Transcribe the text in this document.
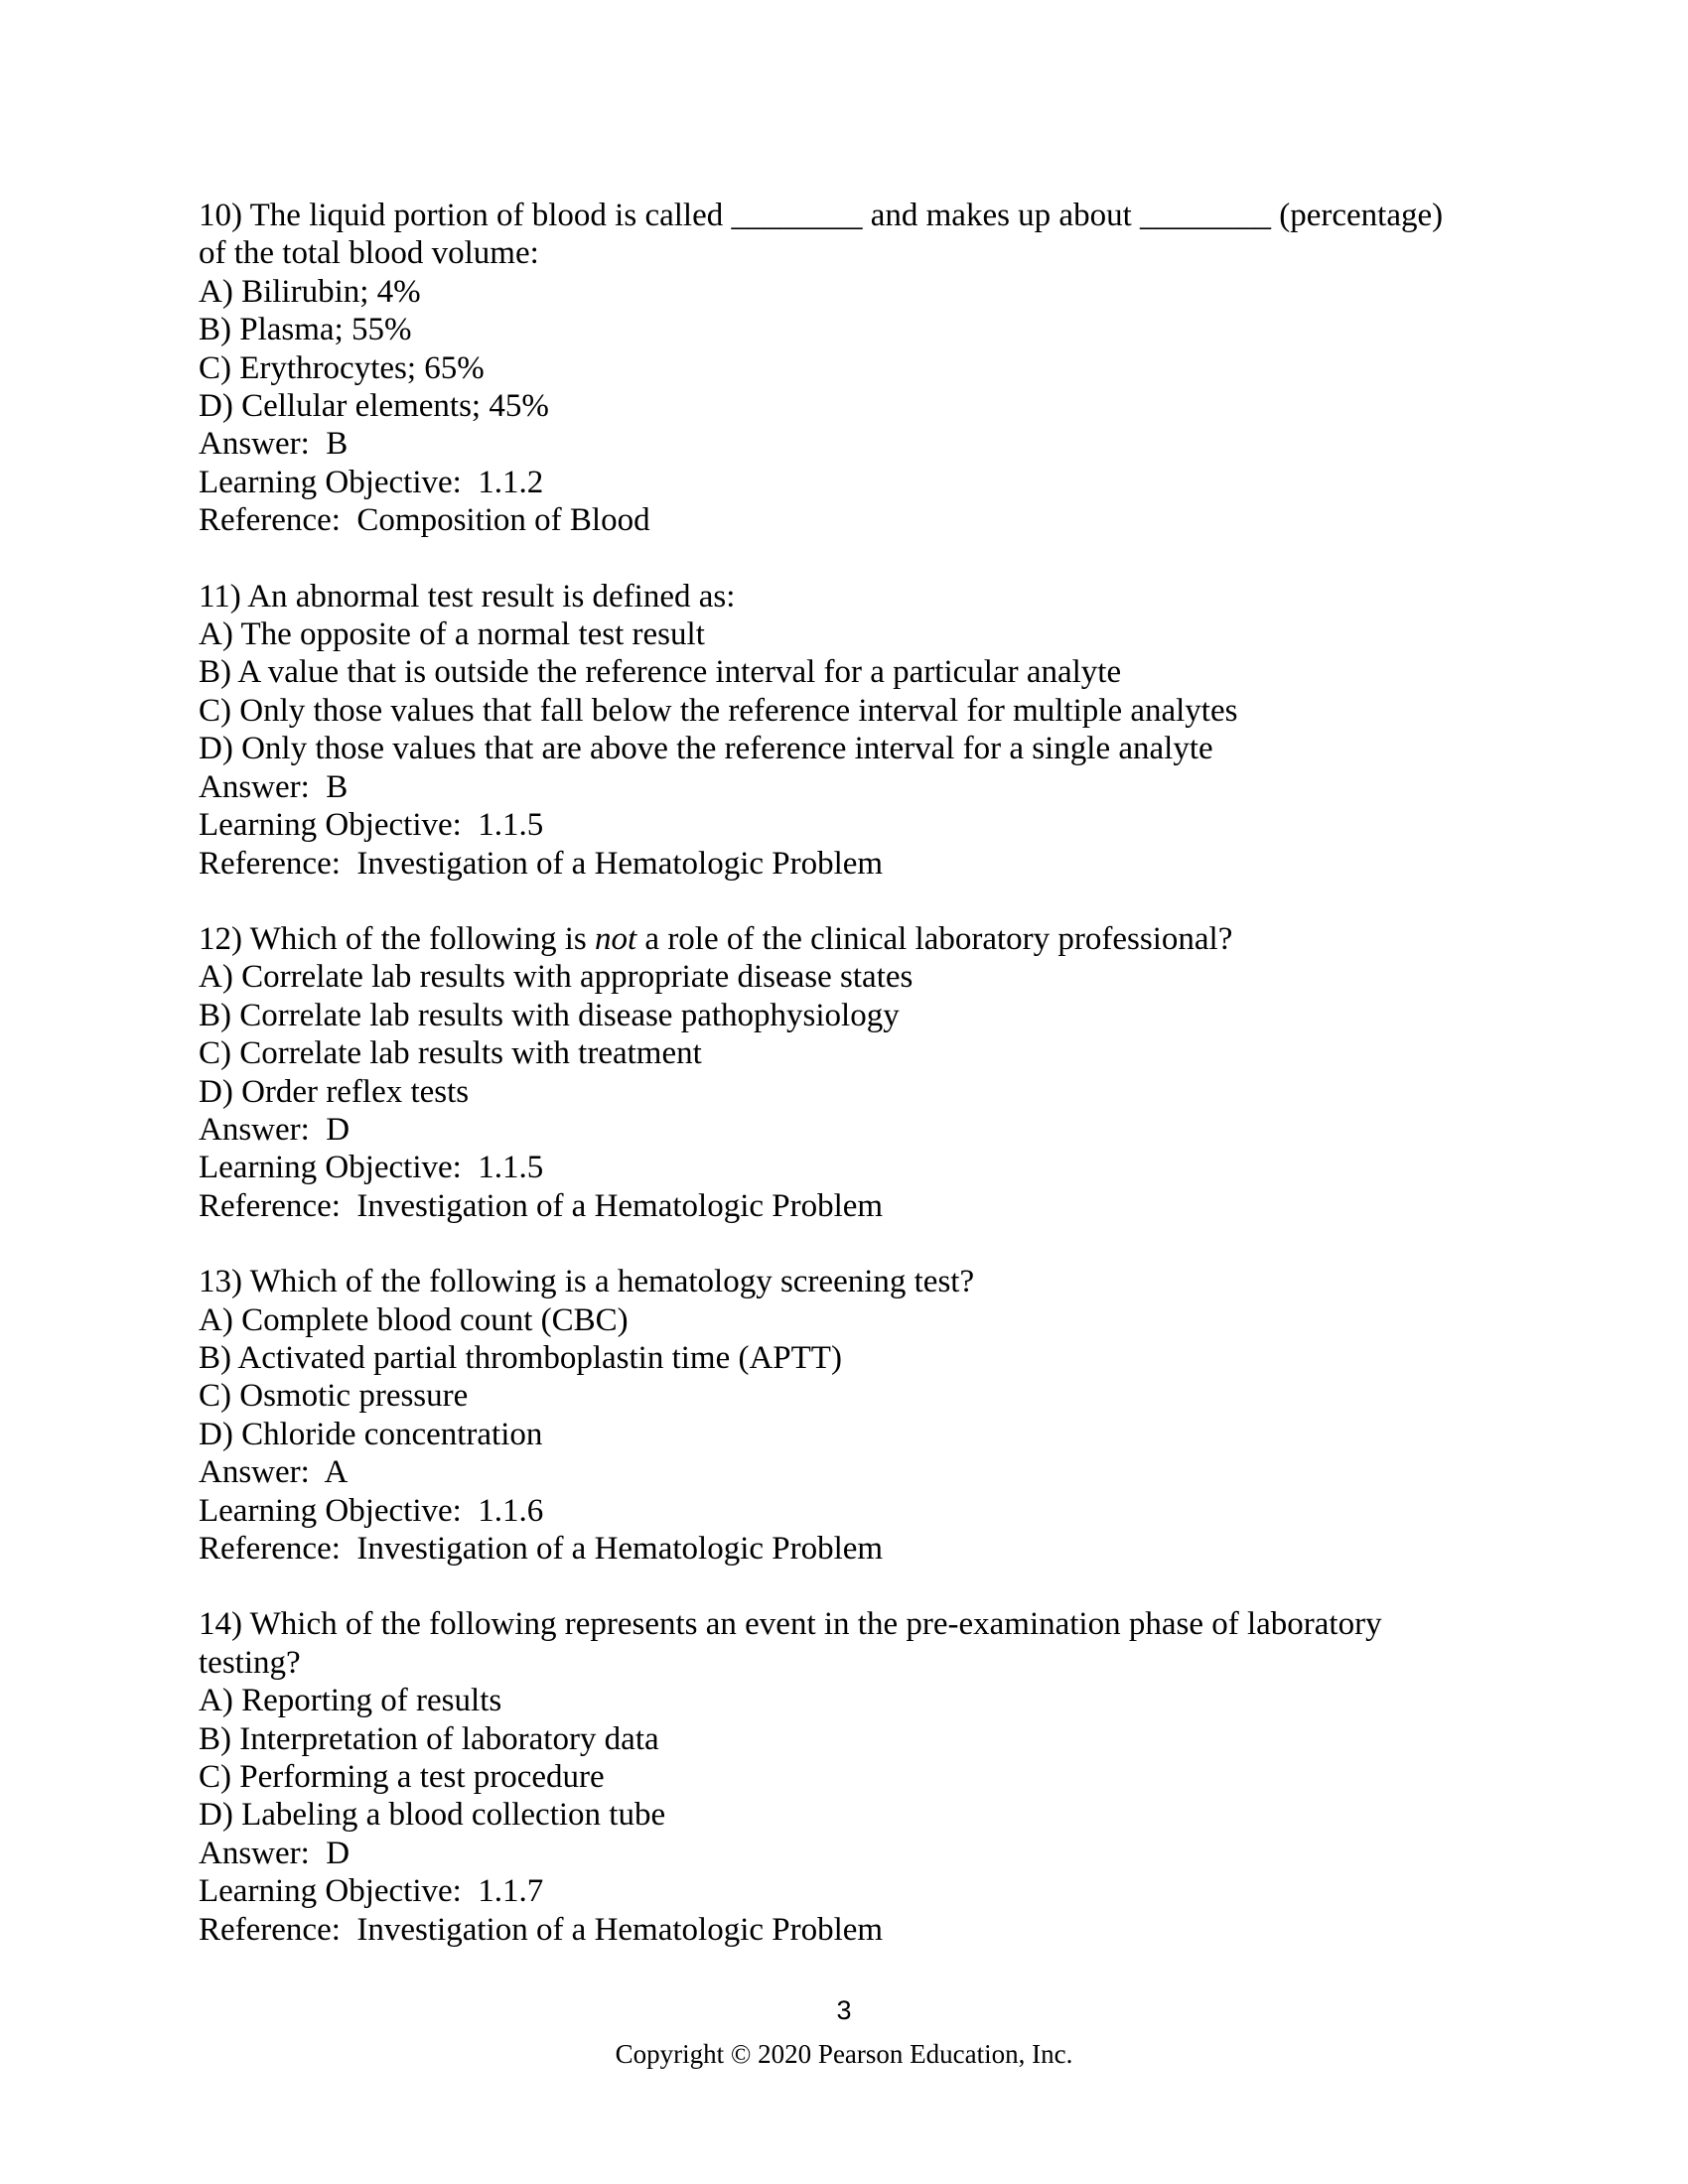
10) The liquid portion of blood is called ________ and makes up about ________ (percentage)
of the total blood volume:
A) Bilirubin; 4%
B) Plasma; 55%
C) Erythrocytes; 65%
D) Cellular elements; 45%
Answer:  B
Learning Objective:  1.1.2
Reference:  Composition of Blood
11) An abnormal test result is defined as:
A) The opposite of a normal test result
B) A value that is outside the reference interval for a particular analyte
C) Only those values that fall below the reference interval for multiple analytes
D) Only those values that are above the reference interval for a single analyte
Answer:  B
Learning Objective:  1.1.5
Reference:  Investigation of a Hematologic Problem
12) Which of the following is not a role of the clinical laboratory professional?
A) Correlate lab results with appropriate disease states
B) Correlate lab results with disease pathophysiology
C) Correlate lab results with treatment
D) Order reflex tests
Answer:  D
Learning Objective:  1.1.5
Reference:  Investigation of a Hematologic Problem
13) Which of the following is a hematology screening test?
A) Complete blood count (CBC)
B) Activated partial thromboplastin time (APTT)
C) Osmotic pressure
D) Chloride concentration
Answer:  A
Learning Objective:  1.1.6
Reference:  Investigation of a Hematologic Problem
14) Which of the following represents an event in the pre-examination phase of laboratory
testing?
A) Reporting of results
B) Interpretation of laboratory data
C) Performing a test procedure
D) Labeling a blood collection tube
Answer:  D
Learning Objective:  1.1.7
Reference:  Investigation of a Hematologic Problem
3
Copyright © 2020 Pearson Education, Inc.
